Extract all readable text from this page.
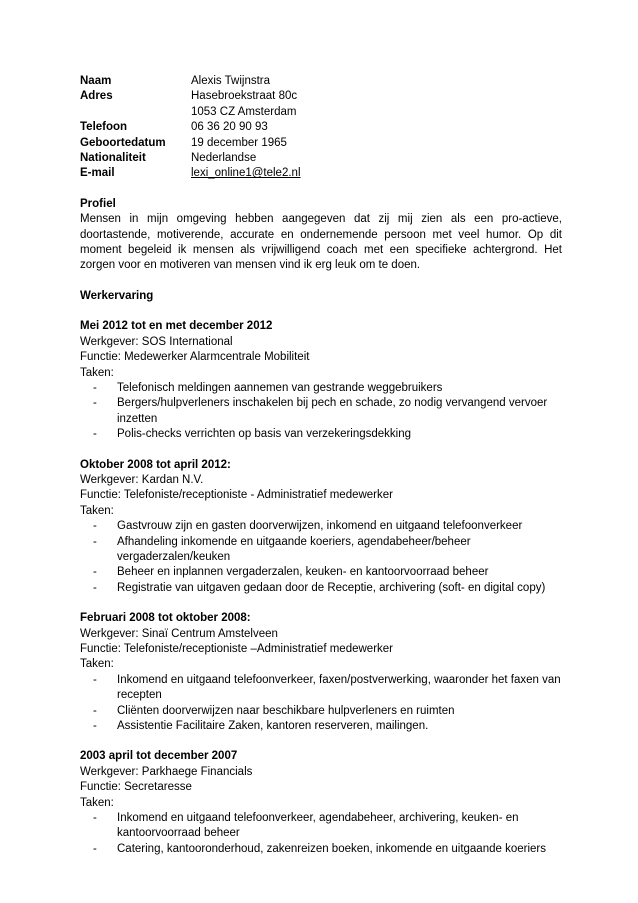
Naam	Alexis Twijnstra
Adres	Hasebroekstraat 80c
1053 CZ Amsterdam
Telefoon	06 36 20 90 93
Geboortedatum	19 december 1965
Nationaliteit	Nederlandse
E-mail	lexi_online1@tele2.nl
Profiel
Mensen in mijn omgeving hebben aangegeven dat zij mij zien als een pro-actieve, doortastende, motiverende, accurate en ondernemende persoon met veel humor. Op dit moment begeleid ik mensen als vrijwilligend coach met een specifieke achtergrond. Het zorgen voor en motiveren van mensen vind ik erg leuk om te doen.
Werkervaring
Mei 2012 tot en met december 2012
Werkgever: SOS International
Functie: Medewerker Alarmcentrale Mobiliteit
Taken:
- Telefonisch meldingen aannemen van gestrande weggebruikers
- Bergers/hulpverleners inschakelen bij pech en schade, zo nodig vervangend vervoer inzetten
- Polis-checks verrichten op basis van verzekeringsdekking
Oktober 2008 tot april 2012:
Werkgever: Kardan N.V.
Functie: Telefoniste/receptioniste - Administratief medewerker
Taken:
- Gastvrouw zijn en gasten doorverwijzen, inkomend en uitgaand telefoonverkeer
- Afhandeling inkomende en uitgaande koeriers, agendabeheer/beheer vergaderzalen/keuken
- Beheer en inplannen vergaderzalen, keuken- en kantoorvoorraad beheer
- Registratie van uitgaven gedaan door de Receptie, archivering (soft- en digital copy)
Februari 2008 tot oktober 2008:
Werkgever: Sinaï Centrum Amstelveen
Functie: Telefoniste/receptioniste –Administratief medewerker
Taken:
- Inkomend en uitgaand telefoonverkeer, faxen/postverwerking, waaronder het faxen van recepten
- Cliënten doorverwijzen naar beschikbare hulpverleners en ruimten
- Assistentie Facilitaire Zaken, kantoren reserveren, mailingen.
2003 april tot december 2007
Werkgever: Parkhaege Financials
Functie: Secretaresse
Taken:
- Inkomend en uitgaand telefoonverkeer, agendabeheer, archivering, keuken- en kantoorvoorraad beheer
- Catering, kantooronderhoud, zakenreizen boeken, inkomende en uitgaande koeriers
